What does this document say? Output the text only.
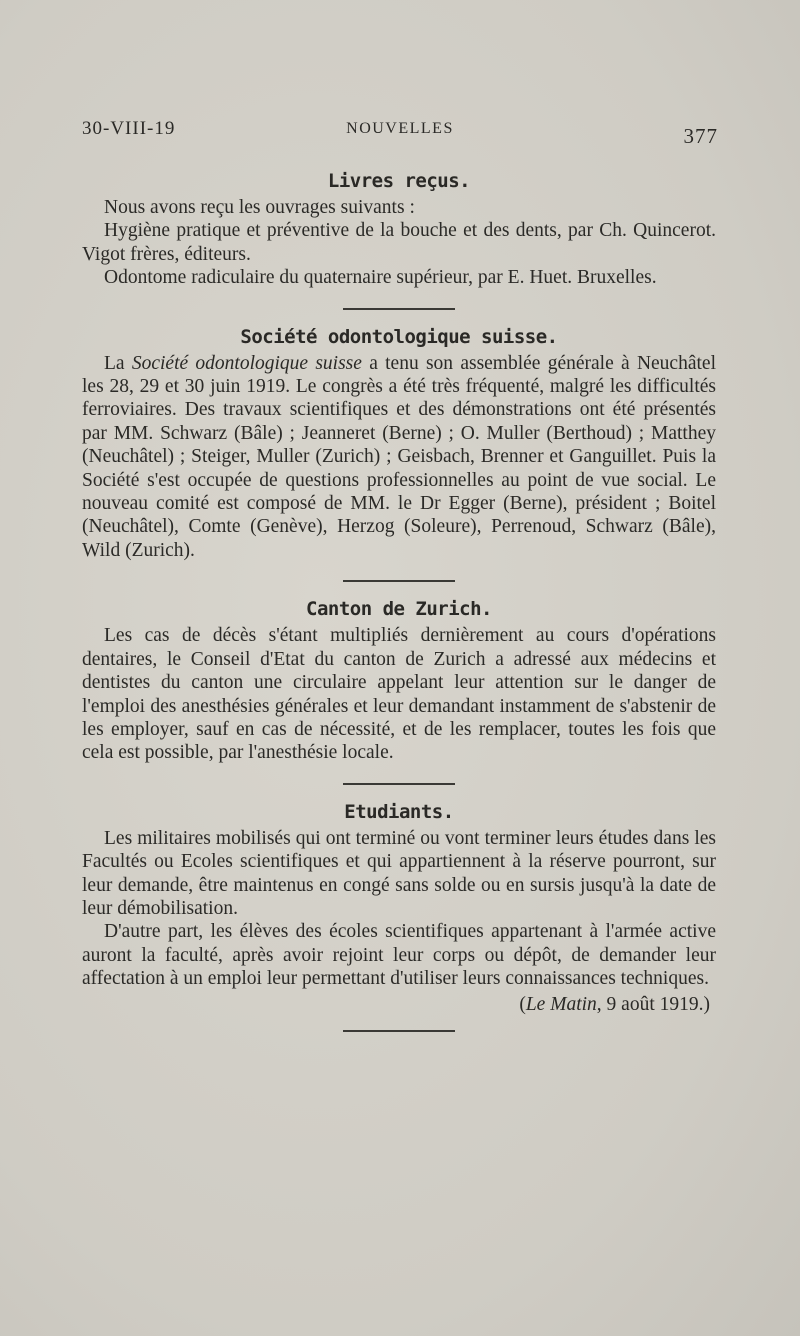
30-VIII-19	NOUVELLES	377
Livres reçus.

Nous avons reçu les ouvrages suivants :

Hygiène pratique et préventive de la bouche et des dents, par Ch. Quincerot. Vigot frères, éditeurs.

Odontome radiculaire du quaternaire supérieur, par E. Huet. Bruxelles.

Société odontologique suisse.

La Société odontologique suisse a tenu son assemblée générale à Neuchâtel les 28, 29 et 30 juin 1919. Le congrès a été très fréquenté, malgré les difficultés ferroviaires. Des travaux scientifiques et des démonstrations ont été présentés par MM. Schwarz (Bâle) ; Jeanneret (Berne) ; O. Muller (Berthoud) ; Matthey (Neuchâtel) ; Steiger, Muller (Zurich) ; Geisbach, Brenner et Ganguillet. Puis la Société s'est occupée de questions professionnelles au point de vue social. Le nouveau comité est composé de MM. le Dr Egger (Berne), président ; Boitel (Neuchâtel), Comte (Genève), Herzog (Soleure), Perrenoud, Schwarz (Bâle), Wild (Zurich).

Canton de Zurich.

Les cas de décès s'étant multipliés dernièrement au cours d'opérations dentaires, le Conseil d'Etat du canton de Zurich a adressé aux médecins et dentistes du canton une circulaire appelant leur attention sur le danger de l'emploi des anesthésies générales et leur demandant instamment de s'abstenir de les employer, sauf en cas de nécessité, et de les remplacer, toutes les fois que cela est possible, par l'anesthésie locale.

Etudiants.

Les militaires mobilisés qui ont terminé ou vont terminer leurs études dans les Facultés ou Ecoles scientifiques et qui appartiennent à la réserve pourront, sur leur demande, être maintenus en congé sans solde ou en sursis jusqu'à la date de leur démobilisation.

D'autre part, les élèves des écoles scientifiques appartenant à l'armée active auront la faculté, après avoir rejoint leur corps ou dépôt, de demander leur affectation à un emploi leur permettant d'utiliser leurs connaissances techniques.

(Le Matin, 9 août 1919.)
